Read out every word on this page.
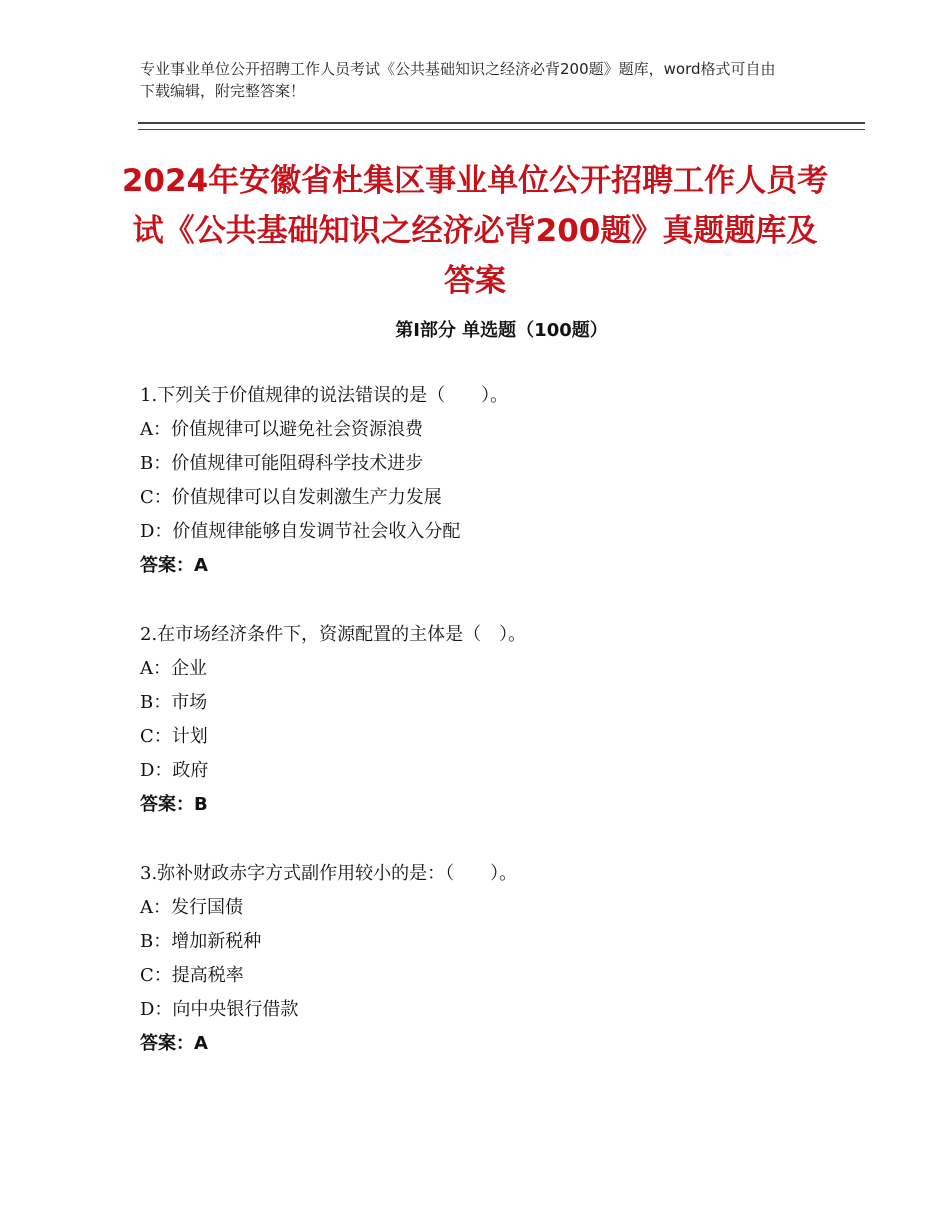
专业事业单位公开招聘工作人员考试《公共基础知识之经济必背200题》题库，word格式可自由下载编辑，附完整答案！
2024年安徽省杜集区事业单位公开招聘工作人员考试《公共基础知识之经济必背200题》真题题库及答案
第Ⅰ部分 单选题（100题）
1.下列关于价值规律的说法错误的是（　　）。
A：价值规律可以避免社会资源浪费
B：价值规律可能阻碍科学技术进步
C：价值规律可以自发刺激生产力发展
D：价值规律能够自发调节社会收入分配
答案：A
2.在市场经济条件下，资源配置的主体是（　）。
A：企业
B：市场
C：计划
D：政府
答案：B
3.弥补财政赤字方式副作用较小的是：（　　）。
A：发行国债
B：增加新税种
C：提高税率
D：向中央银行借款
答案：A
